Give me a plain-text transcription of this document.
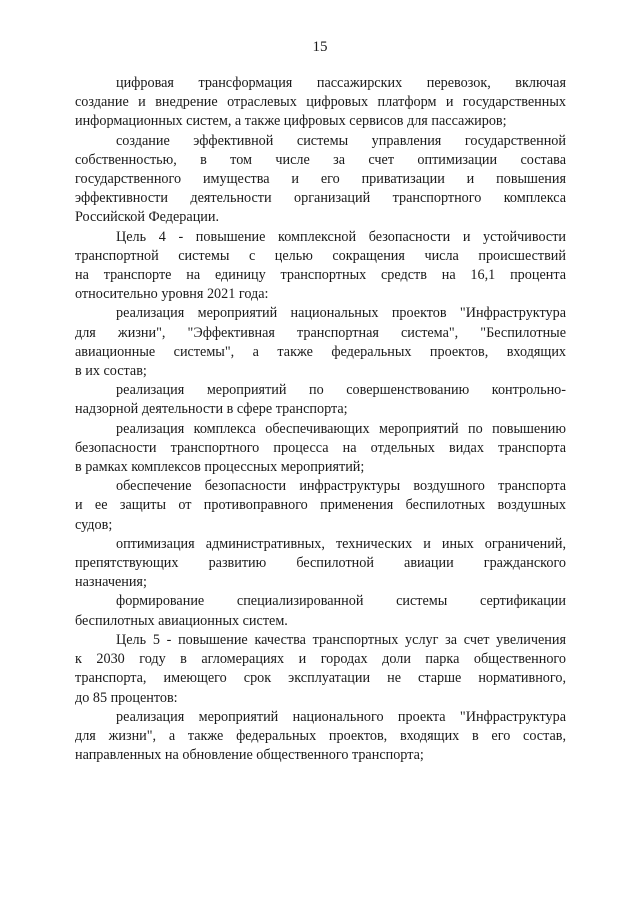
15

цифровая трансформация пассажирских перевозок, включая
создание и внедрение отраслевых цифровых платформ и государственных
информационных систем, а также цифровых сервисов для пассажиров;

создание эффективной системы управления государственной
собственностью, в том числе за счет оптимизации состава
государственного имущества и его приватизации и повышения
эффективности деятельности организаций транспортного комплекса
Российской Федерации.

Цель 4 - повышение комплексной безопасности и устойчивости
транспортной системы с целью сокращения числа происшествий
на транспорте на единицу транспортных средств на 16,1 процента
относительно уровня 2021 года:

реализация мероприятий национальных проектов "Инфраструктура
для жизни", "Эффективная транспортная система", "Беспилотные
авиационные системы", а также федеральных проектов, входящих
в их состав;

реализация мероприятий по совершенствованию контрольно-
надзорной деятельности в сфере транспорта;

реализация комплекса обеспечивающих мероприятий по повышению
безопасности транспортного процесса на отдельных видах транспорта
в рамках комплексов процессных мероприятий;

обеспечение безопасности инфраструктуры воздушного транспорта
и ее защиты от противоправного применения беспилотных воздушных
судов;

оптимизация административных, технических и иных ограничений,
препятствующих развитию беспилотной авиации гражданского
назначения;

формирование специализированной системы сертификации
беспилотных авиационных систем.

Цель 5 - повышение качества транспортных услуг за счет увеличения
к 2030 году в агломерациях и городах доли парка общественного
транспорта, имеющего срок эксплуатации не старше нормативного,
до 85 процентов:

реализация мероприятий национального проекта "Инфраструктура
для жизни", а также федеральных проектов, входящих в его состав,
направленных на обновление общественного транспорта;
